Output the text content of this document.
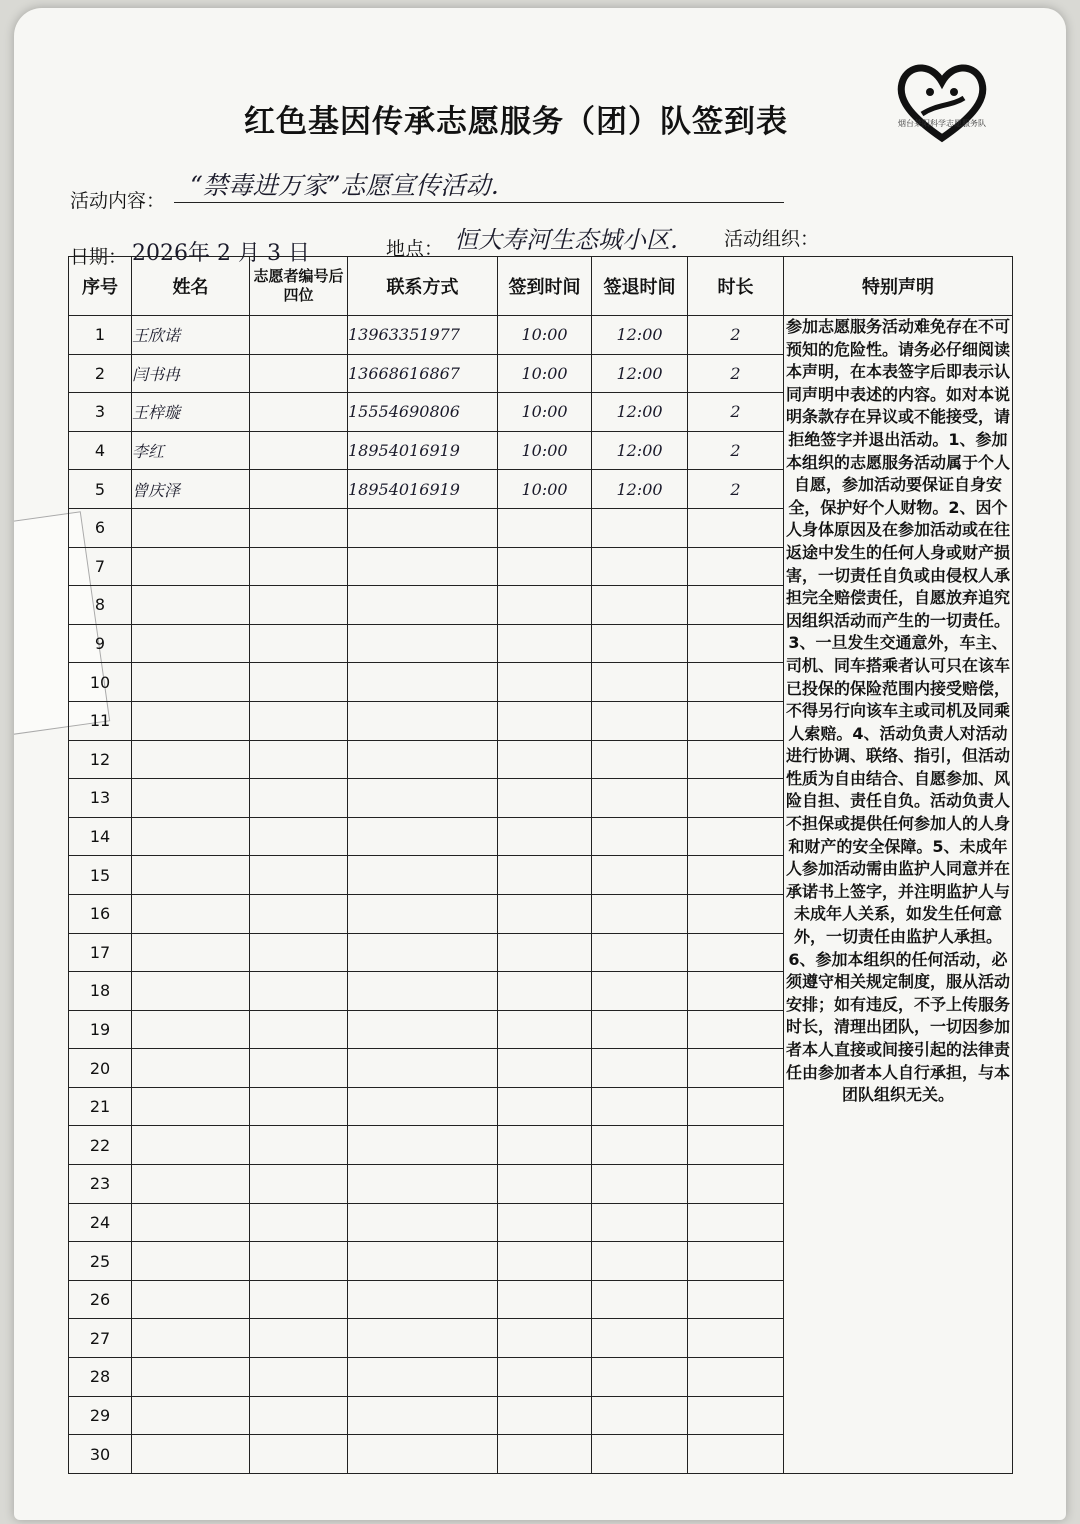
红色基因传承志愿服务（团）队签到表	烟台莱阳科学志愿服务队
活动内容：
“禁毒进万家”志愿宣传活动．
日期： 2026年 2 月 3 日	地点： 恒大寿河生态城小区． 活动组织：
序号	姓名	志愿者编号后四位	联系方式	签到时间	签退时间	时长	特别声明
1	王欣诺		13963351977	10:00	12:00	2	参加志愿服务活动难免存在不可预知的危险性。请务必仔细阅读本声明，在本表签字后即表示认同声明中表述的内容。如对本说明条款存在异议或不能接受，请拒绝签字并退出活动。1、参加本组织的志愿服务活动属于个人自愿，参加活动要保证自身安全，保护好个人财物。2、因个人身体原因及在参加活动或在往返途中发生的任何人身或财产损害，一切责任自负或由侵权人承担完全赔偿责任，自愿放弃追究因组织活动而产生的一切责任。3、一旦发生交通意外，车主、司机、同车搭乘者认可只在该车已投保的保险范围内接受赔偿，不得另行向该车主或司机及同乘人索赔。4、活动负责人对活动进行协调、联络、指引，但活动性质为自由结合、自愿参加、风险自担、责任自负。活动负责人不担保或提供任何参加人的人身和财产的安全保障。5、未成年人参加活动需由监护人同意并在承诺书上签字，并注明监护人与未成年人关系，如发生任何意外，一切责任由监护人承担。6、参加本组织的任何活动，必须遵守相关规定制度，服从活动安排；如有违反，不予上传服务时长，清理出团队，一切因参加者本人直接或间接引起的法律责任由参加者本人自行承担，与本团队组织无关。
2	闫书冉		13668616867	10:00	12:00	2	
3	王梓璇		15554690806	10:00	12:00	2	
4	李红		18954016919	10:00	12:00	2	
5	曾庆泽		18954016919	10:00	12:00	2	
6							
7							
8							
9							
10							
11							
12							
13							
14							
15							
16							
17							
18							
19							
20							
21							
22							
23							
24							
25							
26							
27							
28							
29							
30							
